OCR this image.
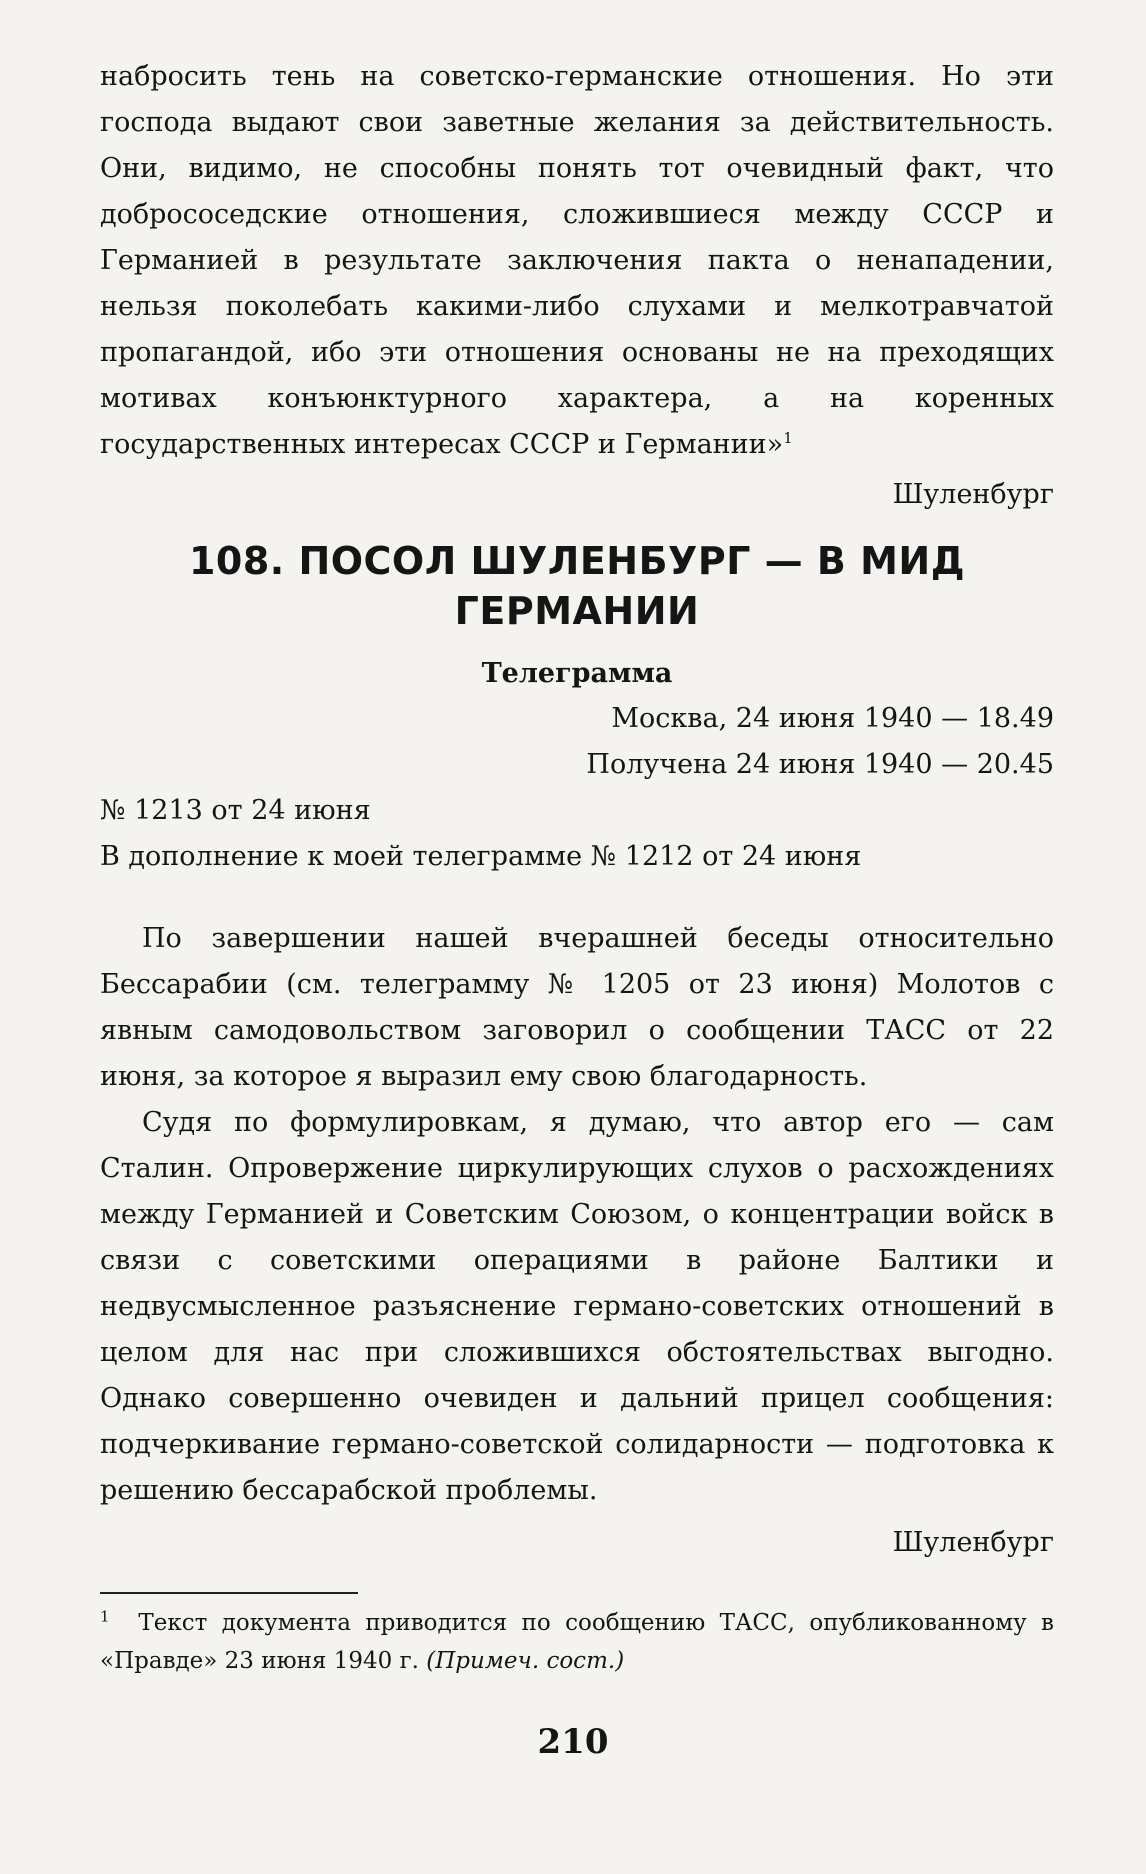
набросить тень на советско-германские отношения. Но эти господа выдают свои заветные желания за действительность. Они, видимо, не способны понять тот очевидный факт, что добрососедские отношения, сложившиеся между СССР и Германией в результате заключения пакта о ненападении, нельзя поколебать какими-либо слухами и мелкотравчатой пропагандой, ибо эти отношения основаны не на преходящих мотивах конъюнктурного характера, а на коренных государственных интересах СССР и Германии»$^1$

Шуленбург
108. ПОСОЛ ШУЛЕНБУРГ — В МИД
ГЕРМАНИИ
Телеграмма
Москва, 24 июня 1940 — 18.49
Получена 24 июня 1940 — 20.45
№ 1213 от 24 июня
В дополнение к моей телеграмме № 1212 от 24 июня

По завершении нашей вчерашней беседы относительно Бессарабии (см. телеграмму № 1205 от 23 июня) Молотов с явным самодовольством заговорил о сообщении ТАСС от 22 июня, за которое я выразил ему свою благодарность.

Судя по формулировкам, я думаю, что автор его — сам Сталин. Опровержение циркулирующих слухов о расхождениях между Германией и Советским Союзом, о концентрации войск в связи с советскими операциями в районе Балтики и недвусмысленное разъяснение германо-советских отношений в целом для нас при сложившихся обстоятельствах выгодно. Однако совершенно очевиден и дальний прицел сообщения: подчеркивание германо-советской солидарности — подготовка к решению бессарабской проблемы.

Шуленбург
$^1$ Текст документа приводится по сообщению ТАСС, опубликованному в «Правде» 23 июня 1940 г. (Примеч. сост.)
210
